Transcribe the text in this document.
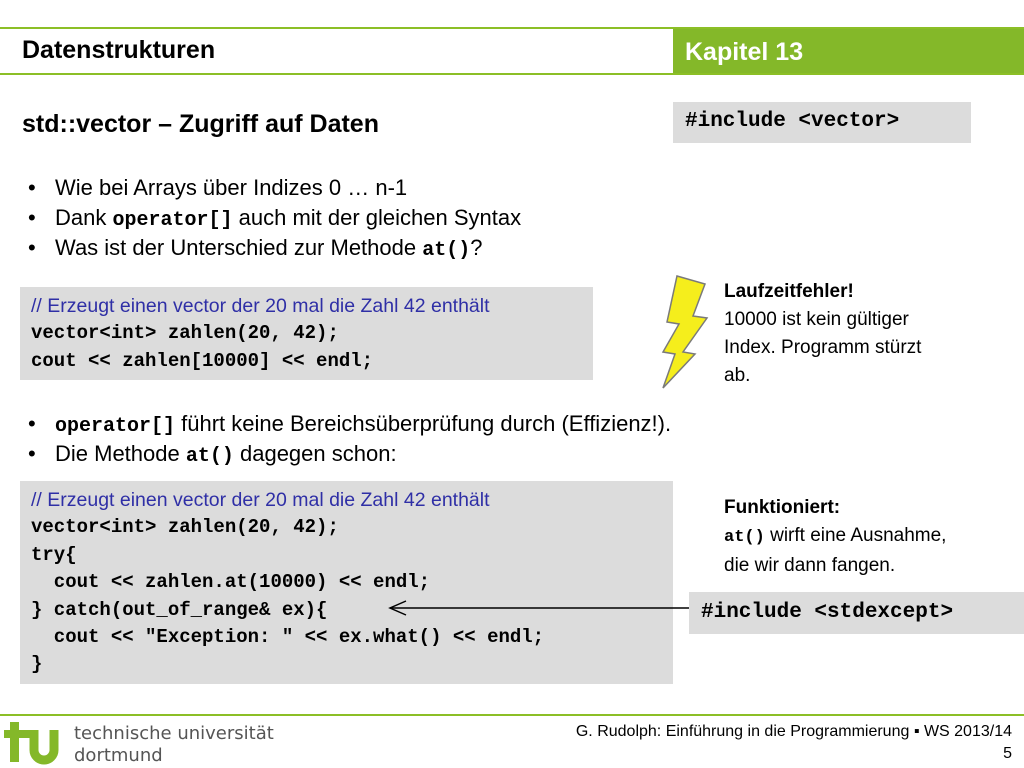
Datenstrukturen	Kapitel 13
std::vector – Zugriff auf Daten	#include <vector>
• Wie bei Arrays über Indizes 0 … n-1
• Dank operator[] auch mit der gleichen Syntax
• Was ist der Unterschied zur Methode at()?
// Erzeugt einen vector der 20 mal die Zahl 42 enthält
vector<int> zahlen(20, 42);
cout << zahlen[10000] << endl;
Laufzeitfehler!
10000 ist kein gültiger
Index. Programm stürzt
ab.
• operator[] führt keine Bereichsüberprüfung durch (Effizienz!).
• Die Methode at() dagegen schon:
// Erzeugt einen vector der 20 mal die Zahl 42 enthält
vector<int> zahlen(20, 42);
try{
cout << zahlen.at(10000) << endl;
} catch(out_of_range& ex){
cout << "Exception: " << ex.what() << endl;
}
Funktioniert:
at() wirft eine Ausnahme,
die wir dann fangen.
#include <stdexcept>
technische universität
dortmund
G. Rudolph: Einführung in die Programmierung ▪ WS 2013/14
5
